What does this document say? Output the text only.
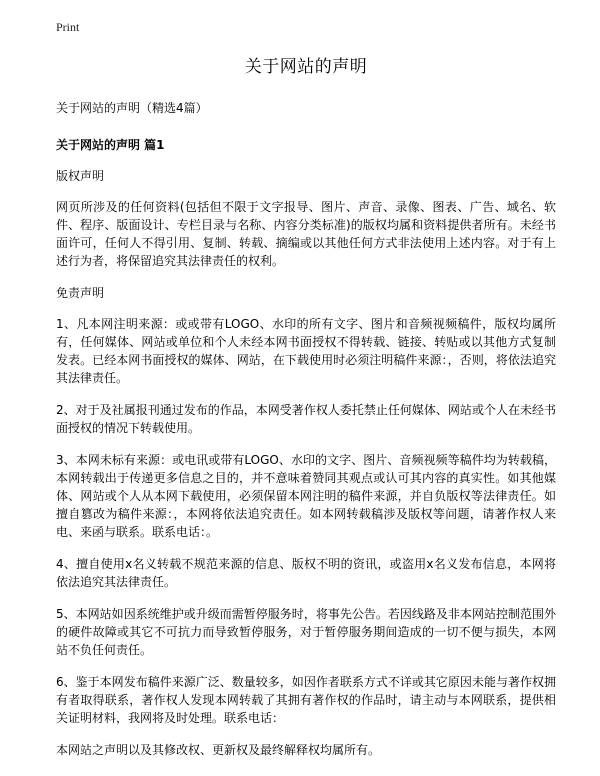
Print
关于网站的声明
关于网站的声明（精选4篇）
关于网站的声明 篇1
版权声明
网页所涉及的任何资料(包括但不限于文字报导、图片、声音、录像、图表、广告、域名、软件、程序、版面设计、专栏目录与名称、内容分类标准)的版权均属和资料提供者所有。未经书面许可，任何人不得引用、复制、转载、摘编或以其他任何方式非法使用上述内容。对于有上述行为者，将保留追究其法律责任的权利。
免责声明
1、凡本网注明来源：或或带有LOGO、水印的所有文字、图片和音频视频稿件，版权均属所有，任何媒体、网站或单位和个人未经本网书面授权不得转载、链接、转贴或以其他方式复制发表。已经本网书面授权的媒体、网站，在下载使用时必须注明稿件来源：，否则，将依法追究其法律责任。
2、对于及社属报刊通过发布的作品，本网受著作权人委托禁止任何媒体、网站或个人在未经书面授权的情况下转载使用。
3、本网未标有来源：或电讯或带有LOGO、水印的文字、图片、音频视频等稿件均为转载稿，本网转载出于传递更多信息之目的，并不意味着赞同其观点或认可其内容的真实性。如其他媒体、网站或个人从本网下载使用，必须保留本网注明的稿件来源，并自负版权等法律责任。如擅自篡改为稿件来源：，本网将依法追究责任。如本网转载稿涉及版权等问题，请著作权人来电、来函与联系。联系电话：。
4、擅自使用x名义转载不规范来源的信息、版权不明的资讯，或盗用x名义发布信息，本网将依法追究其法律责任。
5、本网站如因系统维护或升级而需暂停服务时，将事先公告。若因线路及非本网站控制范围外的硬件故障或其它不可抗力而导致暂停服务，对于暂停服务期间造成的一切不便与损失，本网站不负任何责任。
6、鉴于本网发布稿件来源广泛、数量较多，如因作者联系方式不详或其它原因未能与著作权拥有者取得联系，著作权人发现本网转载了其拥有著作权的作品时，请主动与本网联系，提供相关证明材料，我网将及时处理。联系电话：
本网站之声明以及其修改权、更新权及最终解释权均属所有。
